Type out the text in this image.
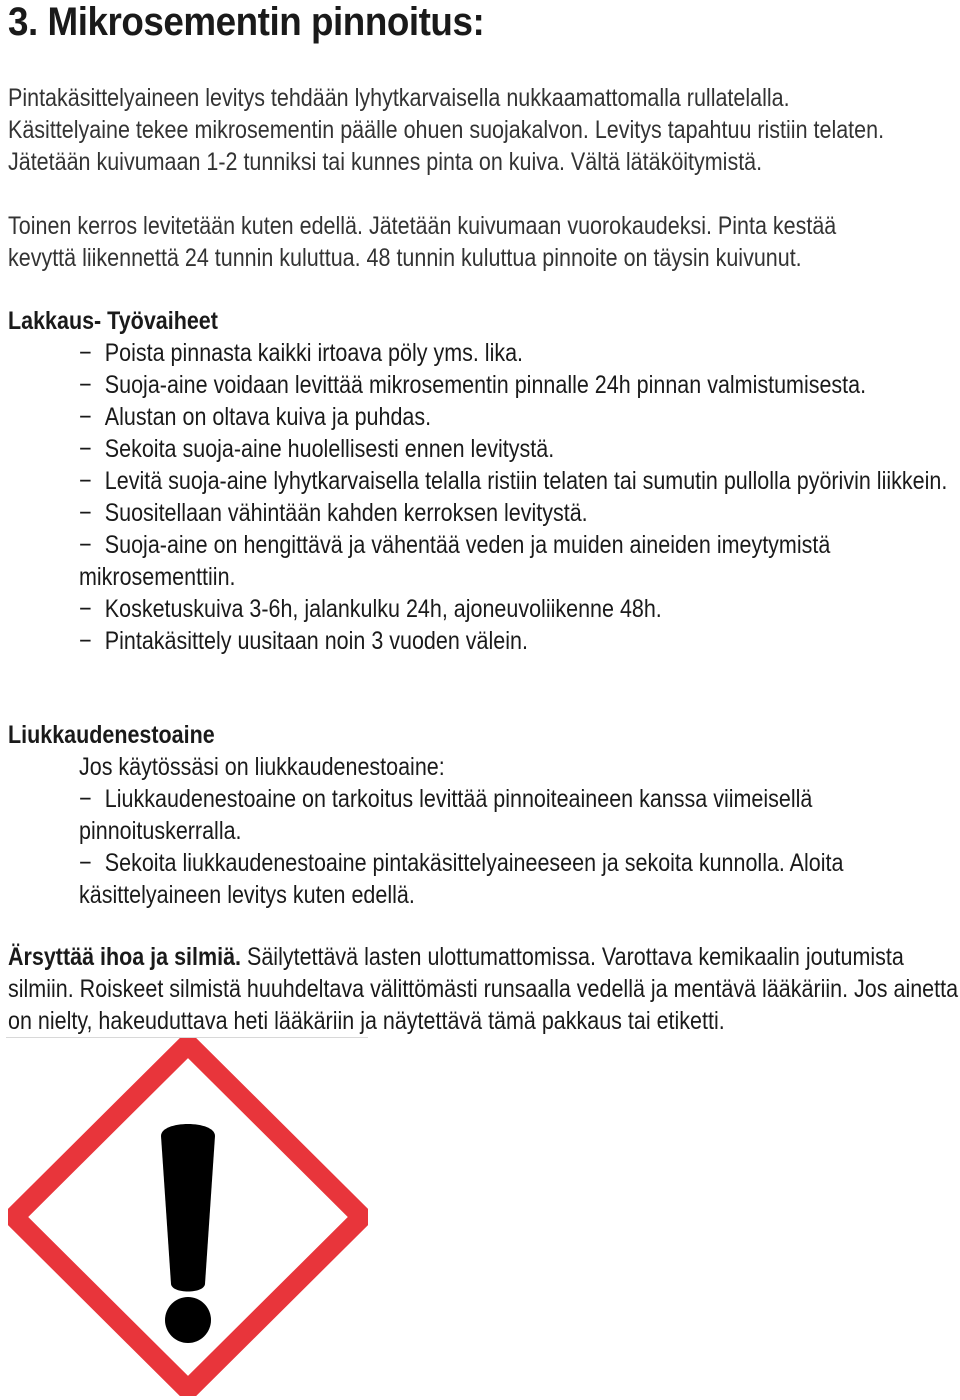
3. Mikrosementin pinnoitus:

Pintakäsittelyaineen levitys tehdään lyhytkarvaisella nukkaamattomalla rullatelalla. Käsittelyaine tekee mikrosementin päälle ohuen suojakalvon. Levitys tapahtuu ristiin telaten. Jätetään kuivumaan 1-2 tunniksi tai kunnes pinta on kuiva. Vältä lätäköitymistä.

Toinen kerros levitetään kuten edellä. Jätetään kuivumaan vuorokaudeksi. Pinta kestää kevyttä liikennettä 24 tunnin kuluttua. 48 tunnin kuluttua pinnoite on täysin kuivunut.

Lakkaus- Työvaiheet
− Poista pinnasta kaikki irtoava pöly yms. lika.
− Suoja-aine voidaan levittää mikrosementin pinnalle 24h pinnan valmistumisesta.
− Alustan on oltava kuiva ja puhdas.
− Sekoita suoja-aine huolellisesti ennen levitystä.
− Levitä suoja-aine lyhytkarvaisella telalla ristiin telaten tai sumutin pullolla pyörivin liikkein.
− Suositellaan vähintään kahden kerroksen levitystä.
− Suoja-aine on hengittävä ja vähentää veden ja muiden aineiden imeytymistä mikrosementtiin.
− Kosketuskuiva 3-6h, jalankulku 24h, ajoneuvoliikenne 48h.
− Pintakäsittely uusitaan noin 3 vuoden välein.
Liukkaudenestoaine
Jos käytössäsi on liukkaudenestoaine:
− Liukkaudenestoaine on tarkoitus levittää pinnoiteaineen kanssa viimeisellä pinnoituskerralla.
− Sekoita liukkaudenestoaine pintakäsittelyaineeseen ja sekoita kunnolla. Aloita käsittelyaineen levitys kuten edellä.

Ärsyttää ihoa ja silmiä. Säilytettävä lasten ulottumattomissa. Varottava kemikaalin joutumista silmiin. Roiskeet silmistä huuhdeltava välittömästi runsaalla vedellä ja mentävä lääkäriin. Jos ainetta on nielty, hakeuduttava heti lääkäriin ja näytettävä tämä pakkaus tai etiketti.
